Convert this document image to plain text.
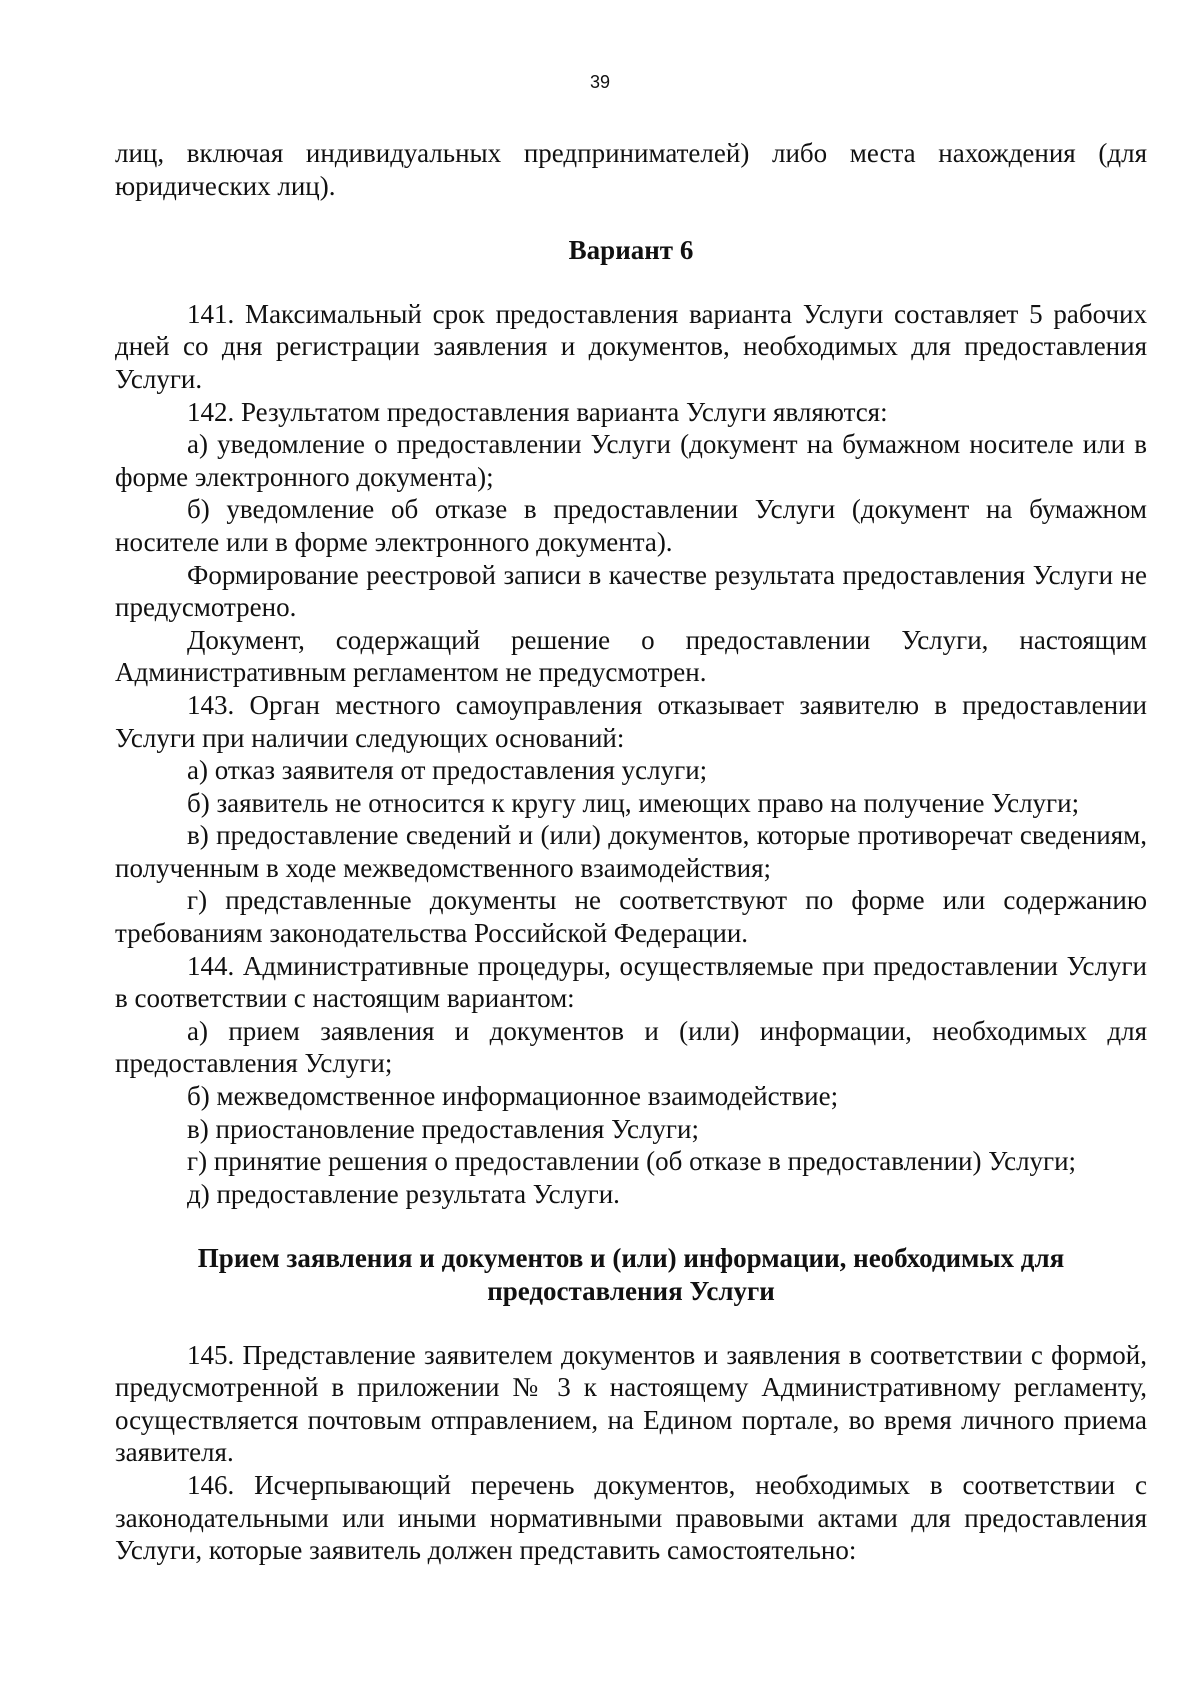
39

лиц, включая индивидуальных предпринимателей) либо места нахождения (для юридических лиц).

Вариант 6

141. Максимальный срок предоставления варианта Услуги составляет 5 рабочих дней со дня регистрации заявления и документов, необходимых для предоставления Услуги.

142. Результатом предоставления варианта Услуги являются:

а) уведомление о предоставлении Услуги (документ на бумажном носителе или в форме электронного документа);

б) уведомление об отказе в предоставлении Услуги (документ на бумажном носителе или в форме электронного документа).

Формирование реестровой записи в качестве результата предоставления Услуги не предусмотрено.

Документ, содержащий решение о предоставлении Услуги, настоящим Административным регламентом не предусмотрен.

143. Орган местного самоуправления отказывает заявителю в предоставлении Услуги при наличии следующих оснований:

а) отказ заявителя от предоставления услуги;

б) заявитель не относится к кругу лиц, имеющих право на получение Услуги;

в) предоставление сведений и (или) документов, которые противоречат сведениям, полученным в ходе межведомственного взаимодействия;

г) представленные документы не соответствуют по форме или содержанию требованиям законодательства Российской Федерации.

144. Административные процедуры, осуществляемые при предоставлении Услуги в соответствии с настоящим вариантом:

а) прием заявления и документов и (или) информации, необходимых для предоставления Услуги;

б) межведомственное информационное взаимодействие;

в) приостановление предоставления Услуги;

г) принятие решения о предоставлении (об отказе в предоставлении) Услуги;

д) предоставление результата Услуги.

Прием заявления и документов и (или) информации, необходимых для предоставления Услуги

145. Представление заявителем документов и заявления в соответствии с формой, предусмотренной в приложении № 3 к настоящему Административному регламенту, осуществляется почтовым отправлением, на Едином портале, во время личного приема заявителя.

146. Исчерпывающий перечень документов, необходимых в соответствии с законодательными или иными нормативными правовыми актами для предоставления Услуги, которые заявитель должен представить самостоятельно:
